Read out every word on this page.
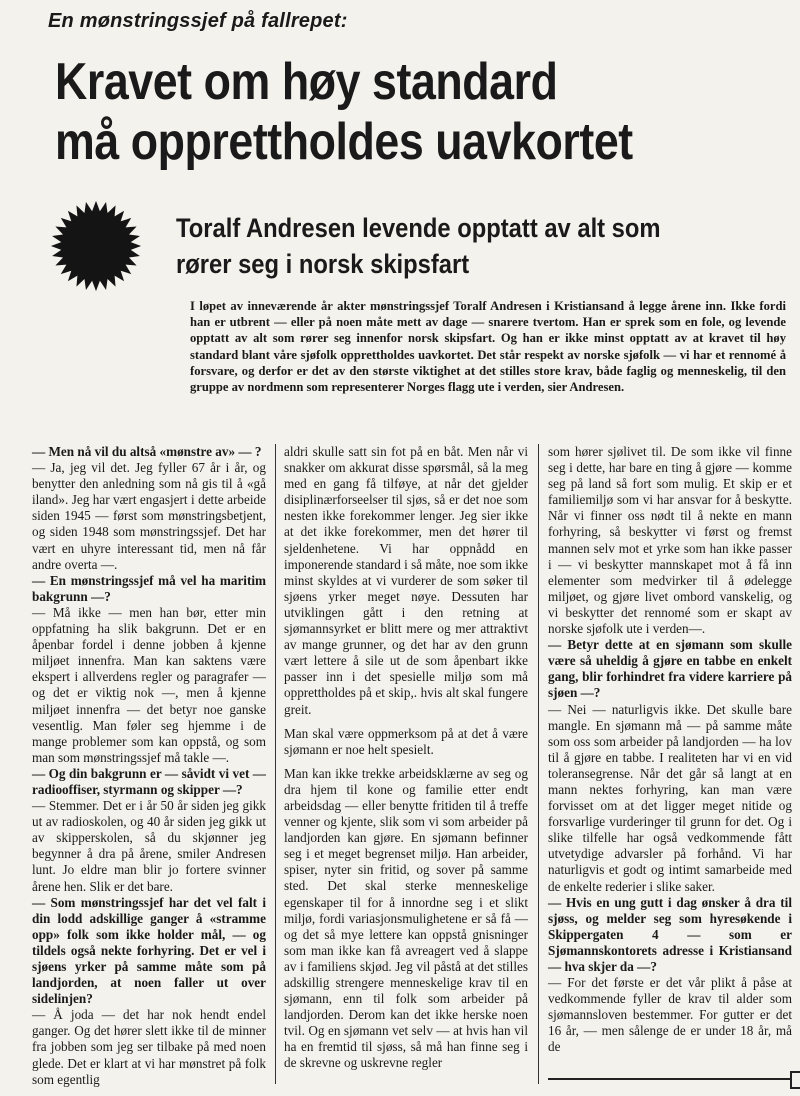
En mønstringssjef på fallrepet:
Kravet om høy standard
må opprettholdes uavkortet
Toralf Andresen levende opptatt av alt som
rører seg i norsk skipsfart
I løpet av inneværende år akter mønstringssjef Toralf Andresen i Kristiansand å legge årene inn. Ikke fordi han er utbrent — eller på noen måte mett av dage — snarere tvertom. Han er sprek som en fole, og levende opptatt av alt som rører seg innenfor norsk skipsfart. Og han er ikke minst opptatt av at kravet til høy standard blant våre sjøfolk opprettholdes uavkortet. Det står respekt av norske sjøfolk — vi har et rennomé å forsvare, og derfor er det av den største viktighet at det stilles store krav, både faglig og menneskelig, til den gruppe av nordmenn som representerer Norges flagg ute i verden, sier Andresen.

— Men nå vil du altså «mønstre av» — ?

— Ja, jeg vil det. Jeg fyller 67 år i år, og benytter den anledning som nå gis til å «gå iland». Jeg har vært engasjert i dette arbeide siden 1945 — først som mønstringsbetjent, og siden 1948 som mønstringssjef. Det har vært en uhyre interessant tid, men nå får andre overta —.

— En mønstringssjef må vel ha maritim bakgrunn —?

— Må ikke — men han bør, etter min oppfatning ha slik bakgrunn. Det er en åpenbar fordel i denne jobben å kjenne miljøet innenfra. Man kan saktens være ekspert i allverdens regler og paragrafer — og det er viktig nok —, men å kjenne miljøet innenfra — det betyr noe ganske vesentlig. Man føler seg hjemme i de mange problemer som kan oppstå, og som man som mønstringssjef må takle —.

— Og din bakgrunn er — såvidt vi vet — radiooffiser, styrmann og skipper —?

— Stemmer. Det er i år 50 år siden jeg gikk ut av radioskolen, og 40 år siden jeg gikk ut av skipperskolen, så du skjønner jeg begynner å dra på årene, smiler Andresen lunt. Jo eldre man blir jo fortere svinner årene hen. Slik er det bare.

— Som mønstringssjef har det vel falt i din lodd adskillige ganger å «stramme opp» folk som ikke holder mål, — og tildels også nekte forhyring. Det er vel i sjøens yrker på samme måte som på landjorden, at noen faller ut over sidelinjen?

— Å joda — det har nok hendt endel ganger. Og det hører slett ikke til de minner fra jobben som jeg ser tilbake på med noen glede. Det er klart at vi har mønstret på folk som egentlig

aldri skulle satt sin fot på en båt. Men når vi snakker om akkurat disse spørsmål, så la meg med en gang få tilføye, at når det gjelder disiplinærforseelser til sjøs, så er det noe som nesten ikke forekommer lenger. Jeg sier ikke at det ikke forekommer, men det hører til sjeldenhetene. Vi har oppnådd en imponerende standard i så måte, noe som ikke minst skyldes at vi vurderer de som søker til sjøens yrker meget nøye. Dessuten har utviklingen gått i den retning at sjømannsyrket er blitt mere og mer attraktivt av mange grunner, og det har av den grunn vært lettere å sile ut de som åpenbart ikke passer inn i det spesielle miljø som må opprettholdes på et skip,. hvis alt skal fungere greit.

Man skal være oppmerksom på at det å være sjømann er noe helt spesielt.

Man kan ikke trekke arbeidsklærne av seg og dra hjem til kone og familie etter endt arbeidsdag — eller benytte fritiden til å treffe venner og kjente, slik som vi som arbeider på landjorden kan gjøre. En sjømann befinner seg i et meget begrenset miljø. Han arbeider, spiser, nyter sin fritid, og sover på samme sted. Det skal sterke menneskelige egenskaper til for å innordne seg i et slikt miljø, fordi variasjonsmulighetene er så få — og det så mye lettere kan oppstå gnisninger som man ikke kan få avreagert ved å slappe av i familiens skjød. Jeg vil påstå at det stilles adskillig strengere menneskelige krav til en sjømann, enn til folk som arbeider på landjorden. Derom kan det ikke herske noen tvil. Og en sjømann vet selv — at hvis han vil ha en fremtid til sjøss, så må han finne seg i de skrevne og uskrevne regler

som hører sjølivet til. De som ikke vil finne seg i dette, har bare en ting å gjøre — komme seg på land så fort som mulig. Et skip er et familiemiljø som vi har ansvar for å beskytte. Når vi finner oss nødt til å nekte en mann forhyring, så beskytter vi først og fremst mannen selv mot et yrke som han ikke passer i — vi beskytter mannskapet mot å få inn elementer som medvirker til å ødelegge miljøet, og gjøre livet ombord vanskelig, og vi beskytter det rennomé som er skapt av norske sjøfolk ute i verden—.

— Betyr dette at en sjømann som skulle være så uheldig å gjøre en tabbe en enkelt gang, blir forhindret fra videre karriere på sjøen —?

— Nei — naturligvis ikke. Det skulle bare mangle. En sjømann må — på samme måte som oss som arbeider på landjorden — ha lov til å gjøre en tabbe. I realiteten har vi en vid toleransegrense. Når det går så langt at en mann nektes forhyring, kan man være forvisset om at det ligger meget nitide og forsvarlige vurderinger til grunn for det. Og i slike tilfelle har også vedkommende fått utvetydige advarsler på forhånd. Vi har naturligvis et godt og intimt samarbeide med de enkelte rederier i slike saker.

— Hvis en ung gutt i dag ønsker å dra til sjøss, og melder seg som hyresøkende i Skippergaten 4 — som er Sjømannskontorets adresse i Kristiansand — hva skjer da —?

— For det første er det vår plikt å påse at vedkommende fyller de krav til alder som sjømannsloven bestemmer. For gutter er det 16 år, — men sålenge de er under 18 år, må de
